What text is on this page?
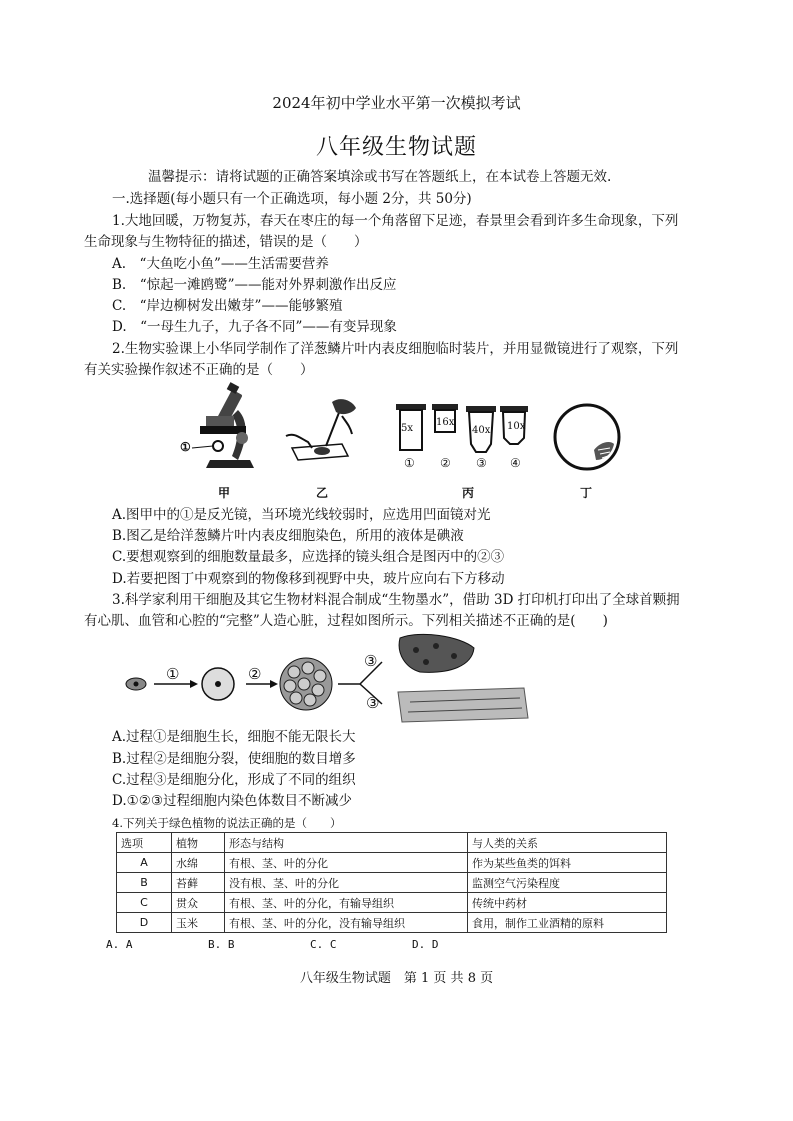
2024年初中学业水平第一次模拟考试
八年级生物试题
温馨提示：请将试题的正确答案填涂或书写在答题纸上，在本试卷上答题无效.
一.选择题(每小题只有一个正确选项，每小题 2分，共 50分)
1.大地回暖，万物复苏，春天在枣庄的每一个角落留下足迹，春景里会看到许多生命现象，下列
生命现象与生物特征的描述，错误的是（　　）
A.　“大鱼吃小鱼”——生活需要营养
B.　“惊起一滩鸥鹭”——能对外界刺激作出反应
C.　“岸边柳树发出嫩芽”——能够繁殖
D.　“一母生九子，九子各不同”——有变异现象
2.生物实验课上小华同学制作了洋葱鳞片叶内表皮细胞临时装片，并用显微镜进行了观察，下列
有关实验操作叙述不正确的是（　　）
①
甲	乙
5x
16x
40x 10x
① ② ③ ④
丙	丁
A.图甲中的①是反光镜，当环境光线较弱时，应选用凹面镜对光
B.图乙是给洋葱鳞片叶内表皮细胞染色，所用的液体是碘液
C.要想观察到的细胞数量最多，应选择的镜头组合是图丙中的②③
D.若要把图丁中观察到的物像移到视野中央，玻片应向右下方移动
3.科学家利用干细胞及其它生物材料混合制成“生物墨水”，借助 3D 打印机打印出了全球首颗拥
有心肌、血管和心腔的“完整”人造心脏，过程如图所示。下列相关描述不正确的是(　　)
①	②
③
③
A.过程①是细胞生长，细胞不能无限长大
B.过程②是细胞分裂，使细胞的数目增多
C.过程③是细胞分化，形成了不同的组织
D.①②③过程细胞内染色体数目不断减少
4.下列关于绿色植物的说法正确的是（　　）
选项	植物	形态与结构	与人类的关系
A	水绵	有根、茎、叶的分化	作为某些鱼类的饵料
B	苔藓	没有根、茎、叶的分化	监测空气污染程度
C	贯众	有根、茎、叶的分化，有输导组织	传统中药材
D	玉米	有根、茎、叶的分化，没有输导组织	食用，制作工业酒精的原料
A. A	B. B	C. C	D. D
八年级生物试题　第 1 页 共 8 页
